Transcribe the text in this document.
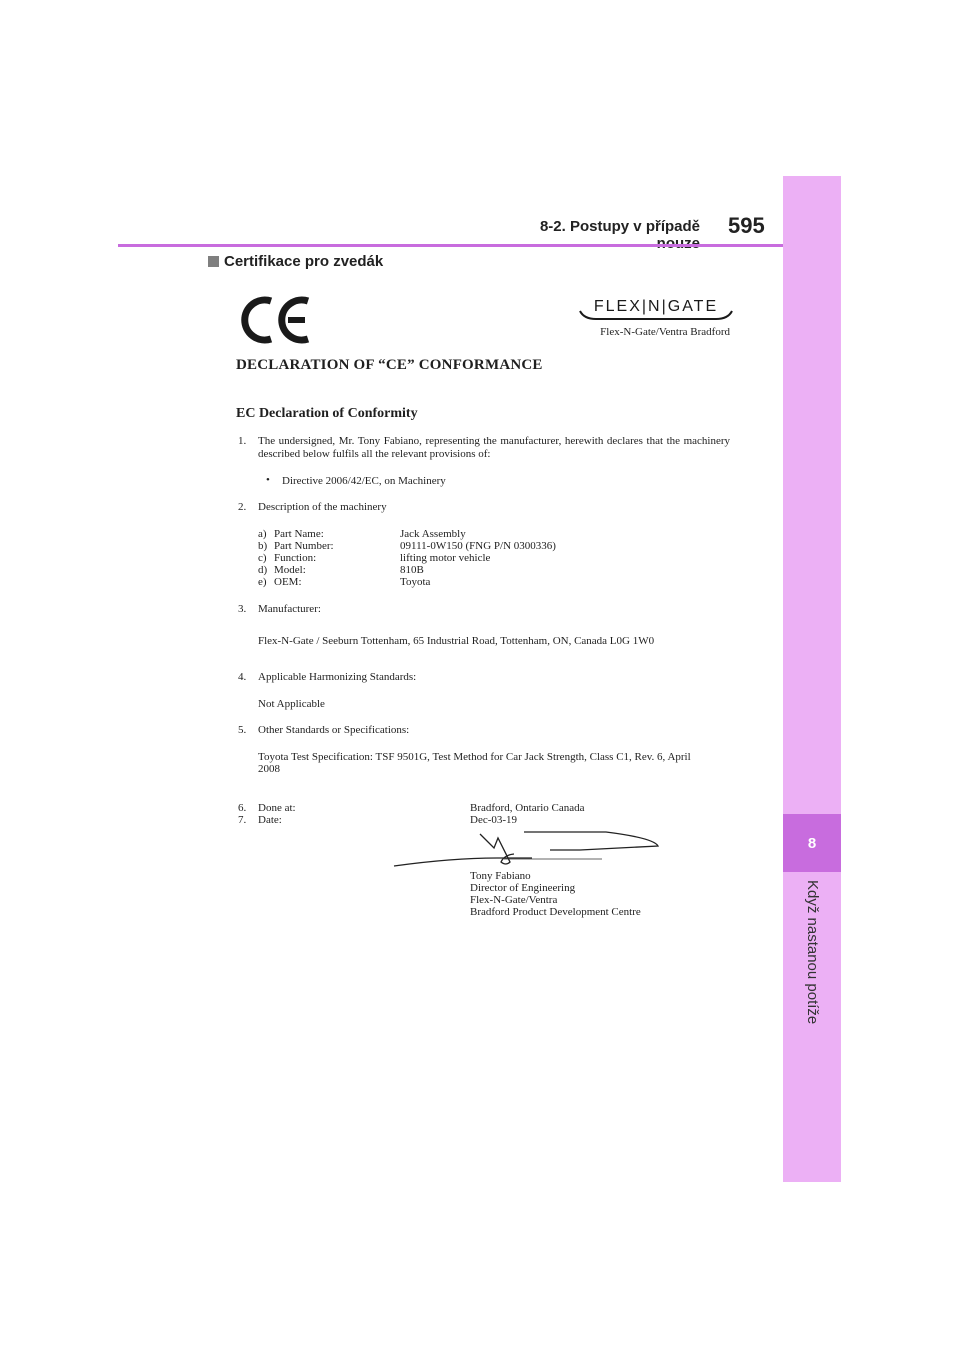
8
Když nastanou potíže
8-2. Postupy v případě 595
Certifikace pro zvedák
FLEX|N|GATE
Flex-N-Gate/Ventra Bradford
DECLARATION OF “CE” CONFORMANCE
EC Declaration of Conformity
1. The undersigned, Mr. Tony Fabiano, representing the manufacturer, herewith declares that the machinery described below fulfils all the relevant provisions of:
• Directive 2006/42/EC, on Machinery
2. Description of the machinery
a) Part Name:	Jack Assembly
b) Part Number:	09111-0W150 (FNG P/N 0300336)
c) Function:	lifting motor vehicle
d) Model:	810B
e) OEM:	Toyota
3. Manufacturer:
Flex-N-Gate / Seeburn Tottenham, 65 Industrial Road, Tottenham, ON, Canada L0G 1W0
4. Applicable Harmonizing Standards:
Not Applicable
5. Other Standards or Specifications:
Toyota Test Specification: TSF 9501G, Test Method for Car Jack Strength, Class C1, Rev. 6, April
2008
6. Done at:	Bradford, Ontario Canada
7. Date:	Dec-03-19
Tony Fabiano
Director of Engineering
Flex-N-Gate/Ventra
Bradford Product Development Centre
